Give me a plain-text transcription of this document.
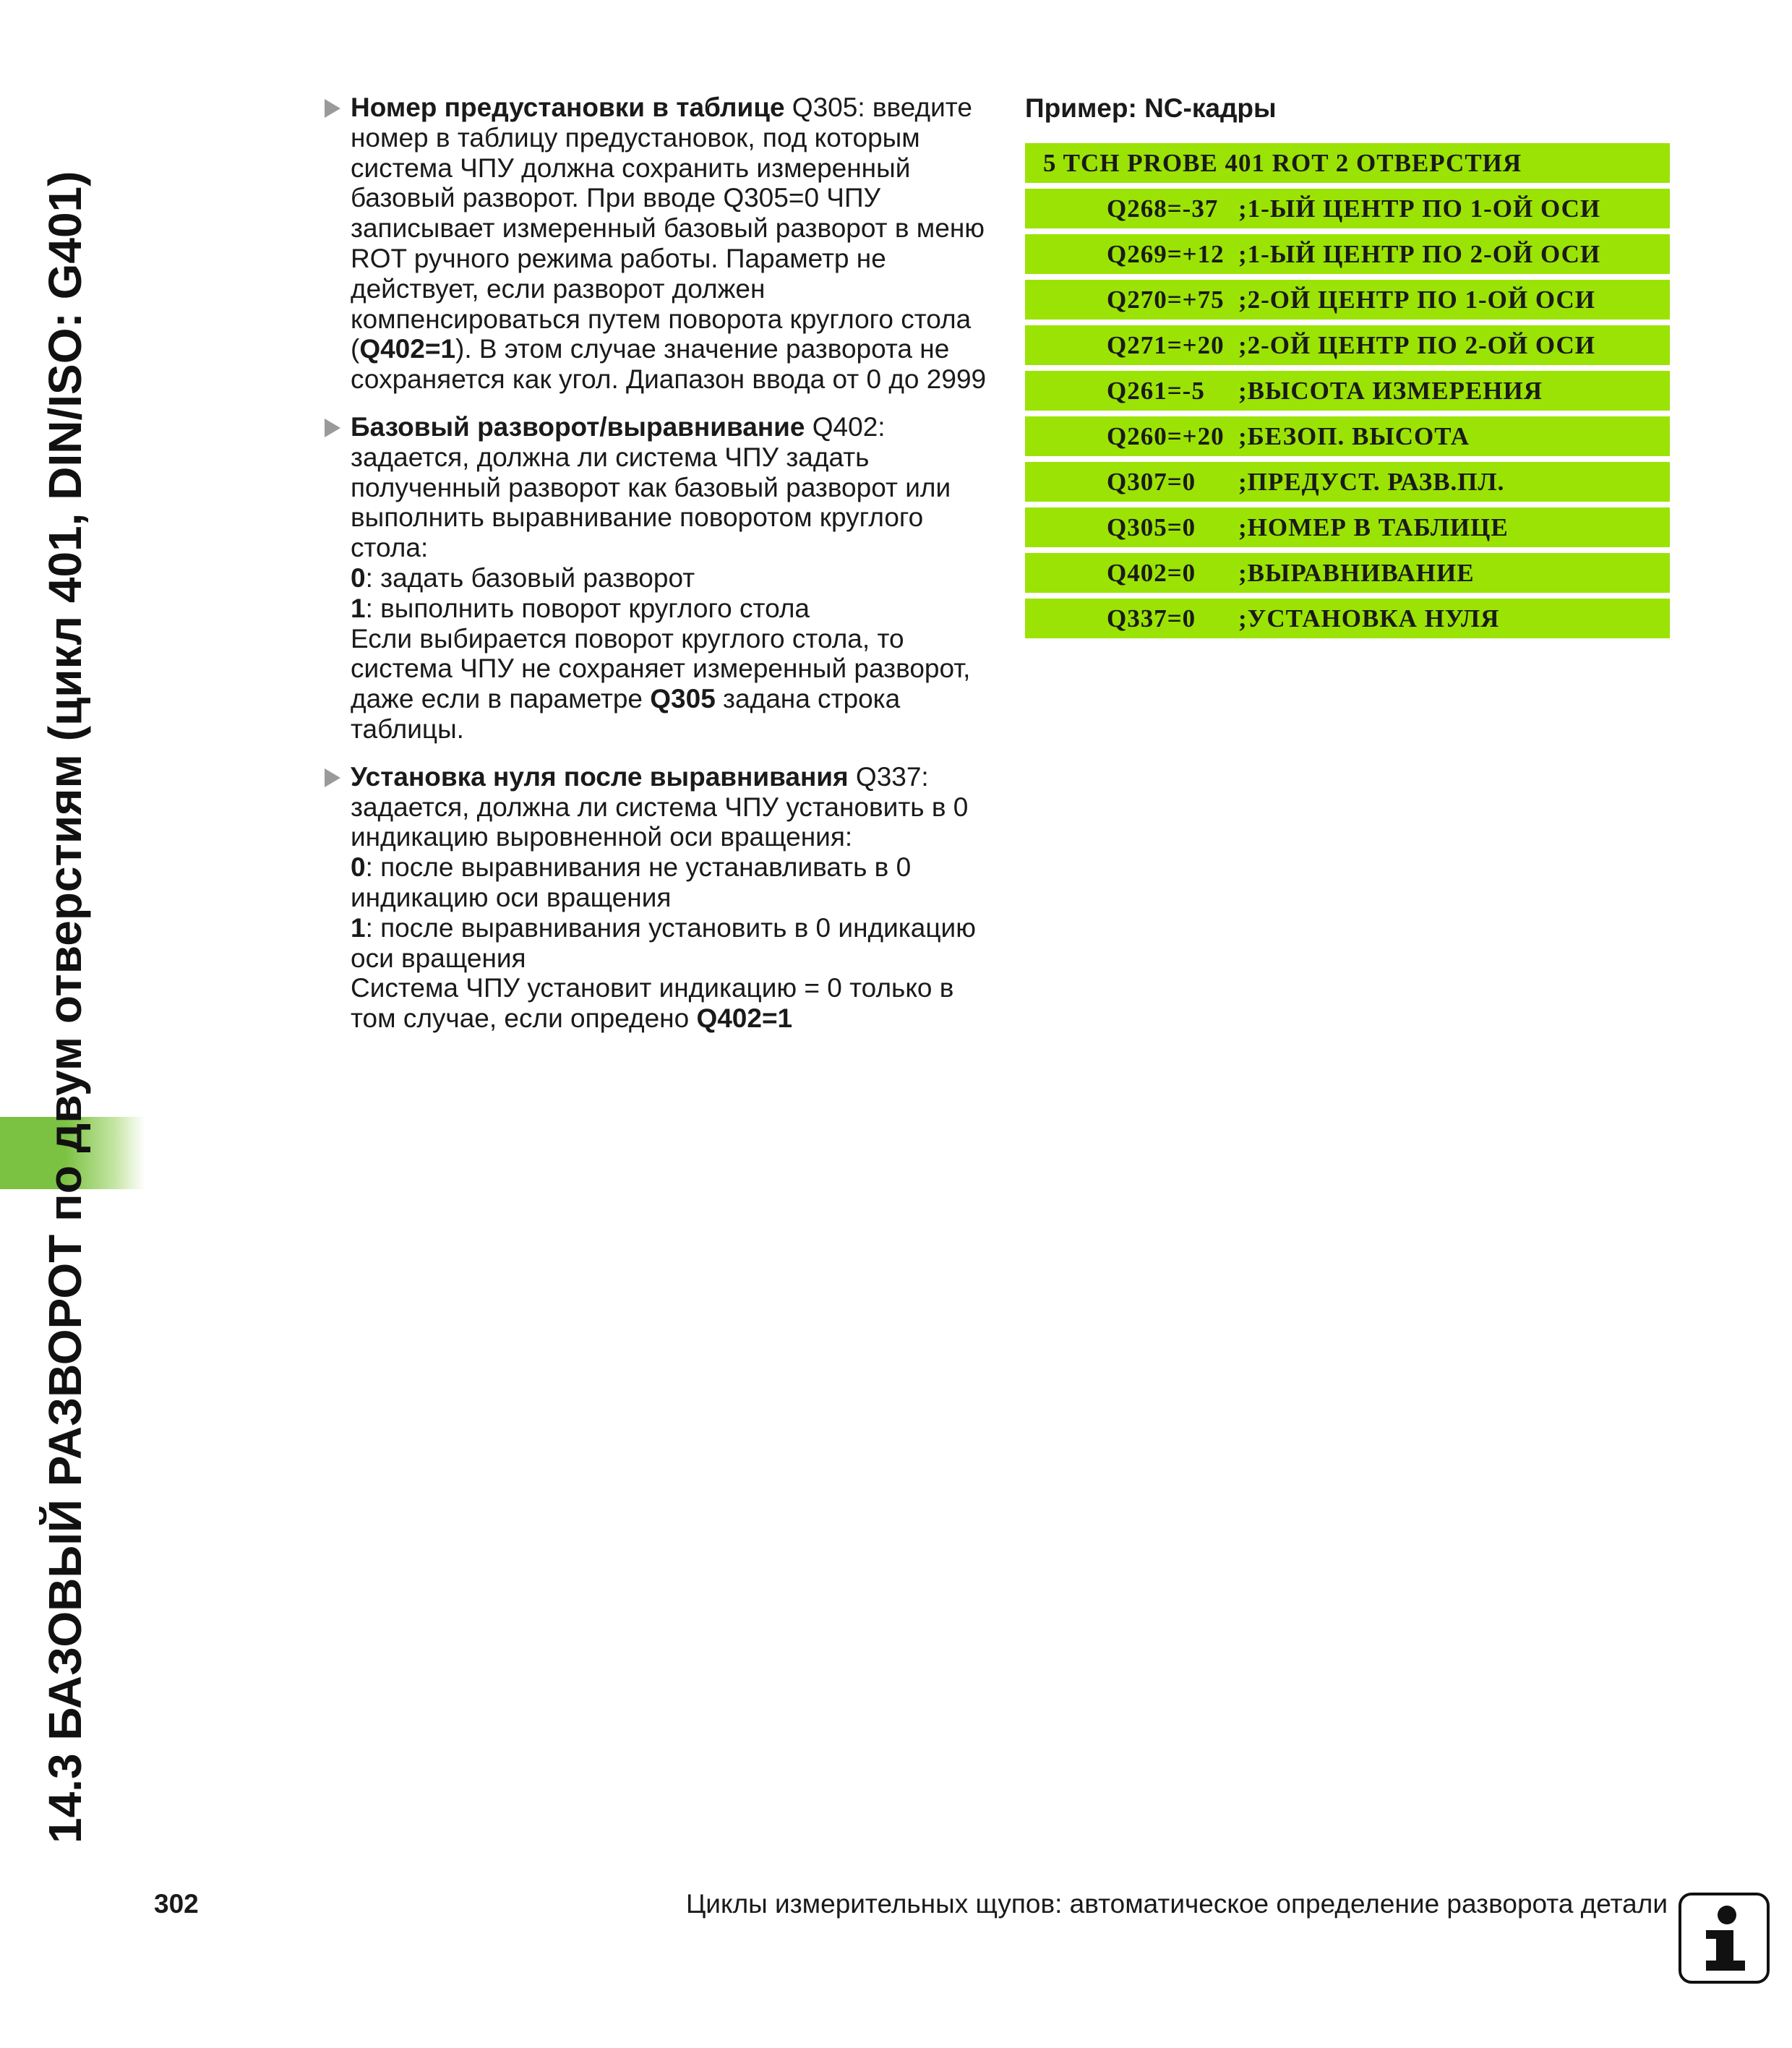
14.3 БАЗОВЫЙ РАЗВОРОТ по двум отверстиям (цикл 401, DIN/ISO: G401)
Номер предустановки в таблице Q305: введите
номер в таблицу предустановок, под которым
система ЧПУ должна сохранить измеренный
базовый разворот. При вводе Q305=0 ЧПУ
записывает измеренный базовый разворот в меню
ROT ручного режима работы. Параметр не
действует, если разворот должен
компенсироваться путем поворота круглого стола
(Q402=1). В этом случае значение разворота не
сохраняется как угол. Диапазон ввода от 0 до 2999
Базовый разворот/выравнивание Q402:
задается, должна ли система ЧПУ задать
полученный разворот как базовый разворот или
выполнить выравнивание поворотом круглого
стола:
0: задать базовый разворот
1: выполнить поворот круглого стола
Если выбирается поворот круглого стола, то
система ЧПУ не сохраняет измеренный разворот,
даже если в параметре Q305 задана строка
таблицы.
Установка нуля после выравнивания Q337:
задается, должна ли система ЧПУ установить в 0
индикацию выровненной оси вращения:
0: после выравнивания не устанавливать в 0
индикацию оси вращения
1: после выравнивания установить в 0 индикацию
оси вращения
Система ЧПУ установит индикацию = 0 только в
том случае, если опредено Q402=1
Пример: NC-кадры
5 TCH PROBE 401 ROT 2 ОТВЕРСТИЯ
Q268=-37 ;1-ЫЙ ЦЕНТР ПО 1-ОЙ ОСИ
Q269=+12 ;1-ЫЙ ЦЕНТР ПО 2-ОЙ ОСИ
Q270=+75 ;2-ОЙ ЦЕНТР ПО 1-ОЙ ОСИ
Q271=+20 ;2-ОЙ ЦЕНТР ПО 2-ОЙ ОСИ
Q261=-5 ;ВЫСОТА ИЗМЕРЕНИЯ
Q260=+20 ;БЕЗОП. ВЫСОТА
Q307=0 ;ПРЕДУСТ. РАЗВ.ПЛ.
Q305=0 ;НОМЕР В ТАБЛИЦЕ
Q402=0 ;ВЫРАВНИВАНИЕ
Q337=0 ;УСТАНОВКА НУЛЯ
302	Циклы измерительных щупов: автоматическое определение разворота детали
